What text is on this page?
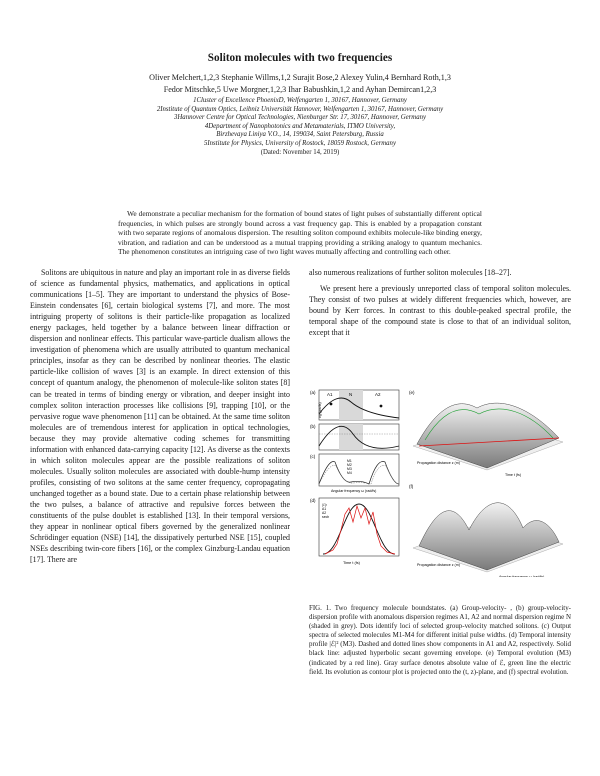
Soliton molecules with two frequencies
Oliver Melchert,1,2,3 Stephanie Willms,1,2 Surajit Bose,2 Alexey Yulin,4 Bernhard Roth,1,3
Fedor Mitschke,5 Uwe Morgner,1,2,3 Ihar Babushkin,1,2 and Ayhan Demircan1,2,3
1Cluster of Excellence PhoenixD, Welfengarten 1, 30167, Hannover, Germany
2Institute of Quantum Optics, Leibniz Universität Hannover, Welfengarten 1, 30167, Hannover, Germany
3Hannover Centre for Optical Technologies, Nienburger Str. 17, 30167, Hannover, Germany
4Department of Nanophotonics and Metamaterials, ITMO University,
Birzhevaya Liniya V.O., 14, 199034, Saint Petersburg, Russia
5Institute for Physics, University of Rostock, 18059 Rostock, Germany
(Dated: November 14, 2019)
We demonstrate a peculiar mechanism for the formation of bound states of light pulses of substantially different optical frequencies, in which pulses are strongly bound across a vast frequency gap. This is enabled by a propagation constant with two separate regions of anomalous dispersion. The resulting soliton compound exhibits molecule-like binding energy, vibration, and radiation and can be understood as a mutual trapping providing a striking analogy to quantum mechanics. The phenomenon constitutes an intriguing case of two light waves mutually affecting and controlling each other.

Solitons are ubiquitous in nature and play an important role in as diverse fields of science as fundamental physics, mathematics, and applications in optical communications [1–5]. They are important to understand the physics of Bose-Einstein condensates [6], certain biological systems [7], and more. The most intriguing property of solitons is their particle-like propagation as localized energy packages, held together by a balance between linear diffraction or dispersion and nonlinear effects. This particular wave-particle dualism allows the investigation of phenomena which are usually attributed to quantum mechanical principles, insofar as they can be described by nonlinear theories. The elastic particle-like collision of waves [3] is an example. In direct extension of this concept of quantum analogy, the phenomenon of molecule-like soliton states [8] can be treated in terms of binding energy or vibration, and deeper insight into complex soliton interaction processes like collisions [9], trapping [10], or the pervasive rogue wave phenomenon [11] can be obtained. At the same time soliton molecules are of tremendous interest for application in optical technologies, because they may provide alternative coding schemes for transmitting information with enhanced data-carrying capacity [12]. As diverse as the contexts in which soliton molecules appear are the possible realizations of soliton molecules. Usually soliton molecules are associated with double-hump intensity profiles, consisting of two solitons at the same center frequency, copropagating unchanged together as a bound state. Due to a certain phase relationship between the two pulses, a balance of attractive and repulsive forces between the constituents of the pulse doublet is established [13]. In their temporal versions, they appear in nonlinear optical fibers governed by the generalized nonlinear Schrödinger equation (NSE) [14], the dissipatively perturbed NSE [15], coupled NSEs describing twin-core fibers [16], or the complex Ginzburg-Landau equation [17]. There are

also numerous realizations of further soliton molecules [18–27].

We present here a previously unreported class of temporal soliton molecules. They consist of two pulses at widely different frequencies which, however, are bound by Kerr forces. In contrast to this double-peaked spectral profile, the temporal shape of the compound state is close to that of an individual soliton, except that it

(a)	A1	N	A2
vg (µm/fs)
(b)
(c)
M1
M2
M3
M4
Angular frequency ω (rad/fs)
(d)
|ℰ|²
A1
A2
sech
Time t (fs)
(e)
Time t (fs)
Propagation distance z (m)
(f)
Angular frequency ω (rad/fs)
Propagation distance z (m)
FIG. 1. Two frequency molecule boundstates. (a) Group-velocity- , (b) group-velocity-dispersion profile with anomalous dispersion regimes A1, A2 and normal dispersion regime N (shaded in grey). Dots identify loci of selected group-velocity matched solitons. (c) Output spectra of selected molecules M1-M4 for different initial pulse widths. (d) Temporal intensity profile |ℰ|² (M3). Dashed and dotted lines show components in A1 and A2, respectively. Solid black line: adjusted hyperbolic secant governing envelope. (e) Temporal evolution (M3) (indicated by a red line). Gray surface denotes absolute value of ℰ, green line the electric field. Its evolution as contour plot is projected onto the (t, z)-plane, and (f) spectral evolution.
